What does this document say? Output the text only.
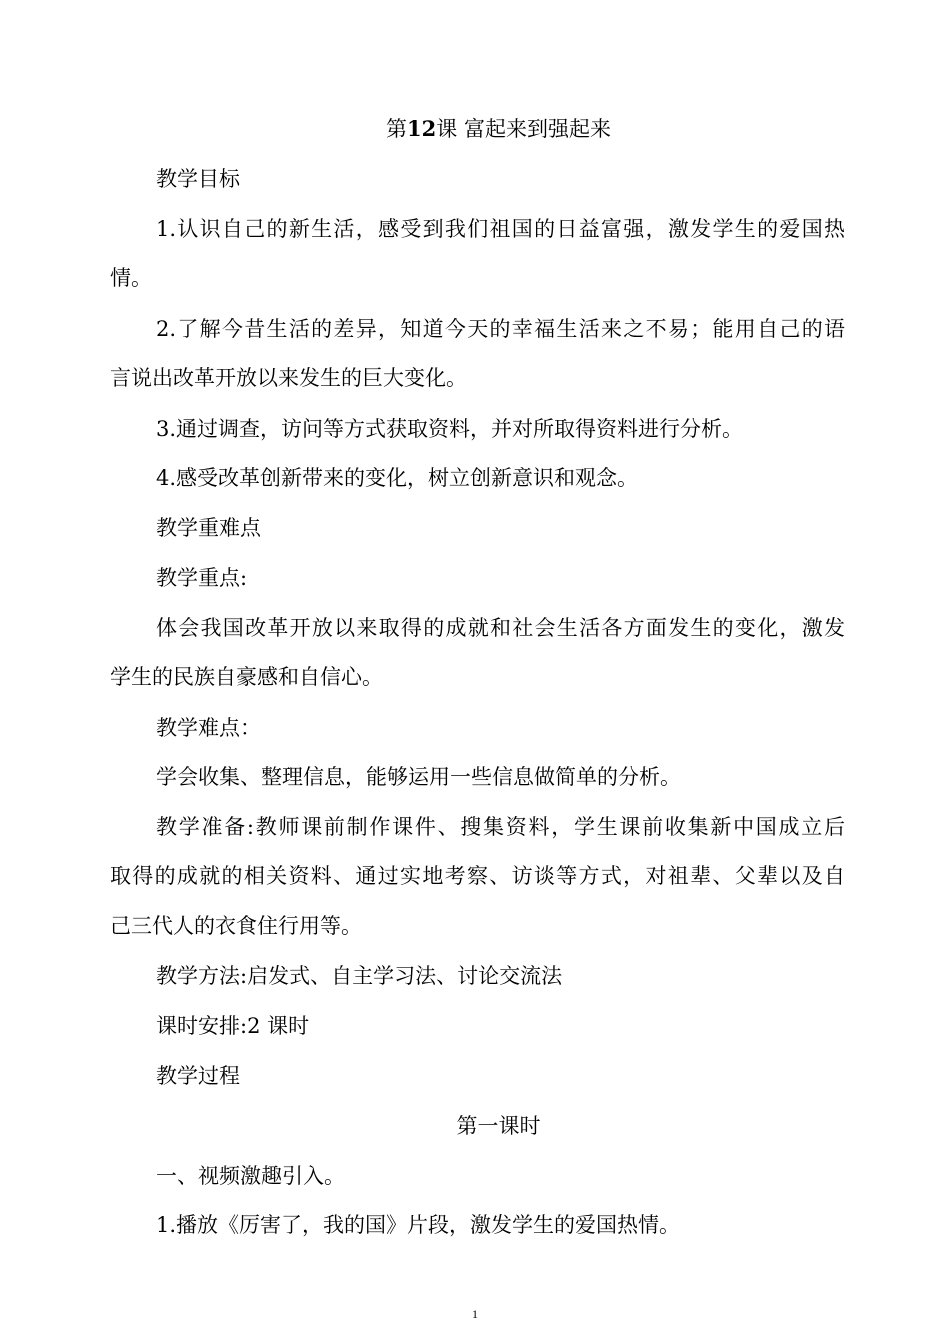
第12课 富起来到强起来
教学目标
1.认识自己的新生活，感受到我们祖国的日益富强，激发学生的爱国热
情。
2.了解今昔生活的差异，知道今天的幸福生活来之不易；能用自己的语
言说出改革开放以来发生的巨大变化。
3.通过调查，访问等方式获取资料，并对所取得资料进行分析。
4.感受改革创新带来的变化，树立创新意识和观念。
教学重难点
教学重点:
体会我国改革开放以来取得的成就和社会生活各方面发生的变化，激发
学生的民族自豪感和自信心。
教学难点：
学会收集、整理信息，能够运用一些信息做简单的分析。
教学准备:教师课前制作课件、搜集资料，学生课前收集新中国成立后
取得的成就的相关资料、通过实地考察、访谈等方式，对祖辈、父辈以及自
己三代人的衣食住行用等。
教学方法:启发式、自主学习法、讨论交流法
课时安排:2 课时
教学过程
第一课时
一、视频激趣引入。
1.播放《厉害了，我的国》片段，激发学生的爱国热情。
1
